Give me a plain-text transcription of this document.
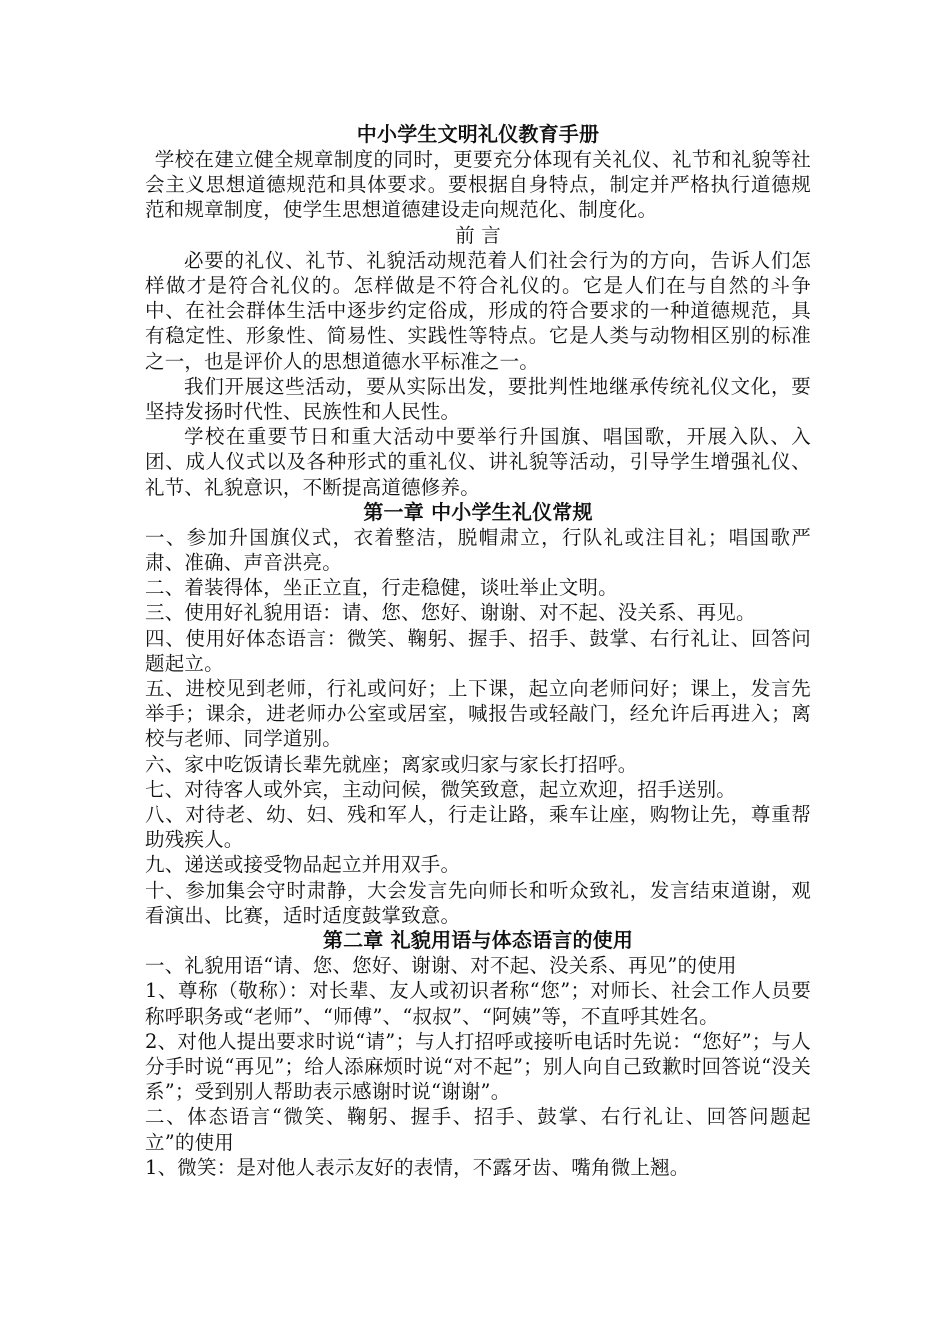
中小学生文明礼仪教育手册

学校在建立健全规章制度的同时，更要充分体现有关礼仪、礼节和礼貌等社会主义思想道德规范和具体要求。要根据自身特点，制定并严格执行道德规范和规章制度，使学生思想道德建设走向规范化、制度化。

前 言

必要的礼仪、礼节、礼貌活动规范着人们社会行为的方向，告诉人们怎样做才是符合礼仪的。怎样做是不符合礼仪的。它是人们在与自然的斗争中、在社会群体生活中逐步约定俗成，形成的符合要求的一种道德规范，具有稳定性、形象性、简易性、实践性等特点。它是人类与动物相区别的标准之一，也是评价人的思想道德水平标准之一。

我们开展这些活动，要从实际出发，要批判性地继承传统礼仪文化，要坚持发扬时代性、民族性和人民性。

学校在重要节日和重大活动中要举行升国旗、唱国歌，开展入队、入团、成人仪式以及各种形式的重礼仪、讲礼貌等活动，引导学生增强礼仪、礼节、礼貌意识，不断提高道德修养。

第一章 中小学生礼仪常规

一、参加升国旗仪式，衣着整洁，脱帽肃立，行队礼或注目礼；唱国歌严肃、准确、声音洪亮。

二、着装得体，坐正立直，行走稳健，谈吐举止文明。

三、使用好礼貌用语：请、您、您好、谢谢、对不起、没关系、再见。

四、使用好体态语言：微笑、鞠躬、握手、招手、鼓掌、右行礼让、回答问题起立。

五、进校见到老师，行礼或问好；上下课，起立向老师问好；课上，发言先举手；课余，进老师办公室或居室，喊报告或轻敲门，经允许后再进入；离校与老师、同学道别。

六、家中吃饭请长辈先就座；离家或归家与家长打招呼。

七、对待客人或外宾，主动问候，微笑致意，起立欢迎，招手送别。

八、对待老、幼、妇、残和军人，行走让路，乘车让座，购物让先，尊重帮助残疾人。

九、递送或接受物品起立并用双手。

十、参加集会守时肃静，大会发言先向师长和听众致礼，发言结束道谢，观看演出、比赛，适时适度鼓掌致意。

第二章 礼貌用语与体态语言的使用

一、礼貌用语“请、您、您好、谢谢、对不起、没关系、再见”的使用

1、尊称（敬称）：对长辈、友人或初识者称“您”；对师长、社会工作人员要称呼职务或“老师”、“师傅”、“叔叔”、“阿姨”等，不直呼其姓名。

2、对他人提出要求时说“请”；与人打招呼或接听电话时先说：“您好”；与人分手时说“再见”；给人添麻烦时说“对不起”；别人向自己致歉时回答说“没关系”；受到别人帮助表示感谢时说“谢谢”。

二、体态语言“微笑、鞠躬、握手、招手、鼓掌、右行礼让、回答问题起立”的使用

1、微笑：是对他人表示友好的表情，不露牙齿、嘴角微上翘。
